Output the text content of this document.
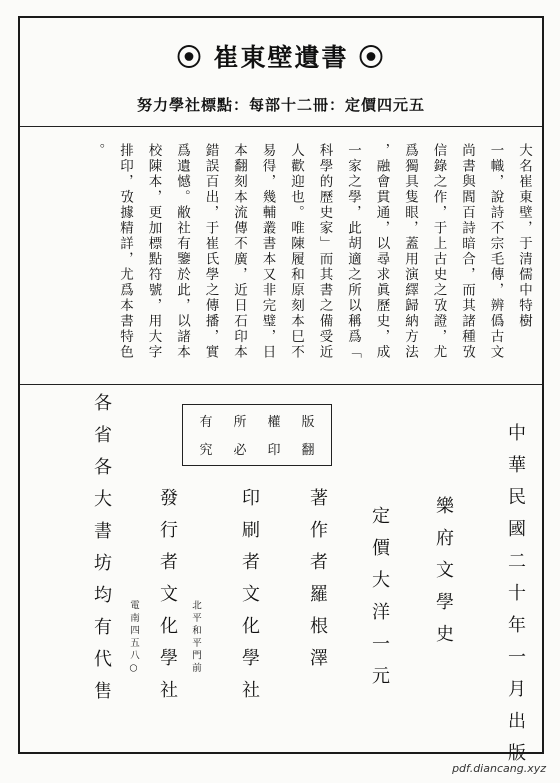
⦿ 崔東壁遺書 ⦿
努力學社標點：每部十二冊：定價四元五
大名崔東壁，于清儒中特樹
一幟，說詩不宗毛傳，辨僞古文
尚書與閻百詩暗合，而其諸種攷
信錄之作，于上古史之攷證，尤
爲獨具隻眼，蓋用演繹歸納方法
，融會貫通，以尋求眞歷史，成
一家之學，此胡適之所以稱爲「
科學的歷史家」而其書之備受近
人歡迎也。唯陳履和原刻本巳不
易得，幾輔叢書本又非完璧，日
本翻刻本流傳不廣，近日石印本
錯誤百出，于崔氏學之傳播，實
爲遺憾。敝社有鑒於此，以諸本
校陳本，更加標點符號，用大字
排印，攷據精詳，尤爲本書特色
。
有 所 權 版
究 必 印 翻	中華民國二十年一月出版
樂府文學史
定價大洋一元
著作者羅根澤
印刷者文化學社
發行者文化學社 北平和平門前
電南四五八○
各省各大書坊均有代售
pdf.diancang.xyz
